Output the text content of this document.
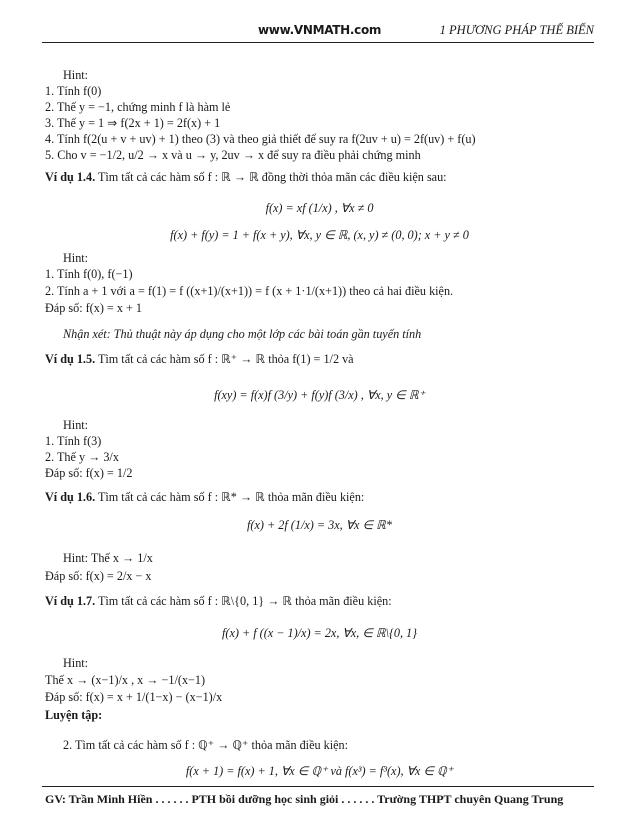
www.VNMATH.com	1 PHƯƠNG PHÁP THẾ BIẾN
Hint:
1. Tính f(0)
2. Thế y = −1, chứng minh f là hàm lẻ
3. Thế y = 1 ⇒ f(2x + 1) = 2f(x) + 1
4. Tính f(2(u + v + uv) + 1) theo (3) và theo giả thiết để suy ra f(2uv + u) = 2f(uv) + f(u)
5. Cho v = −1/2, u/2 → x và u → y, 2uv → x để suy ra điều phải chứng minh
Ví dụ 1.4. Tìm tất cả các hàm số f : ℝ → ℝ đồng thời thỏa mãn các điều kiện sau:
f(x) = xf (1/x) , ∀x ≠ 0
f(x) + f(y) = 1 + f(x + y), ∀x, y ∈ ℝ, (x, y) ≠ (0, 0); x + y ≠ 0
Hint:
1. Tính f(0), f(−1)
2. Tính a + 1 với a = f(1) = f ((x+1)/(x+1)) = f (x + 1·1/(x+1)) theo cả hai điều kiện.
Đáp số: f(x) = x + 1
Nhận xét: Thủ thuật này áp dụng cho một lớp các bài toán gần tuyến tính
Ví dụ 1.5. Tìm tất cả các hàm số f : ℝ⁺ → ℝ thỏa f(1) = 1/2 và
f(xy) = f(x)f (3/y) + f(y)f (3/x) , ∀x, y ∈ ℝ⁺
Hint:
1. Tính f(3)
2. Thế y → 3/x
Đáp số: f(x) = 1/2
Ví dụ 1.6. Tìm tất cả các hàm số f : ℝ* → ℝ thỏa mãn điều kiện:
f(x) + 2f (1/x) = 3x, ∀x ∈ ℝ*
Hint: Thế x → 1/x
Đáp số: f(x) = 2/x − x
Ví dụ 1.7. Tìm tất cả các hàm số f : ℝ\{0, 1} → ℝ thỏa mãn điều kiện:
f(x) + f ((x − 1)/x) = 2x, ∀x, ∈ ℝ\{0, 1}
Hint:
Thế x → (x−1)/x , x → −1/(x−1)
Đáp số: f(x) = x + 1/(1−x) − (x−1)/x
Luyện tập:
2. Tìm tất cả các hàm số f : ℚ⁺ → ℚ⁺ thỏa mãn điều kiện:
f(x + 1) = f(x) + 1, ∀x ∈ ℚ⁺ và f(x³) = f³(x), ∀x ∈ ℚ⁺
GV: Trần Minh Hiền . . . . . . PTH bồi dưỡng học sinh giỏi . . . . . . Trường THPT chuyên Quang Trung
